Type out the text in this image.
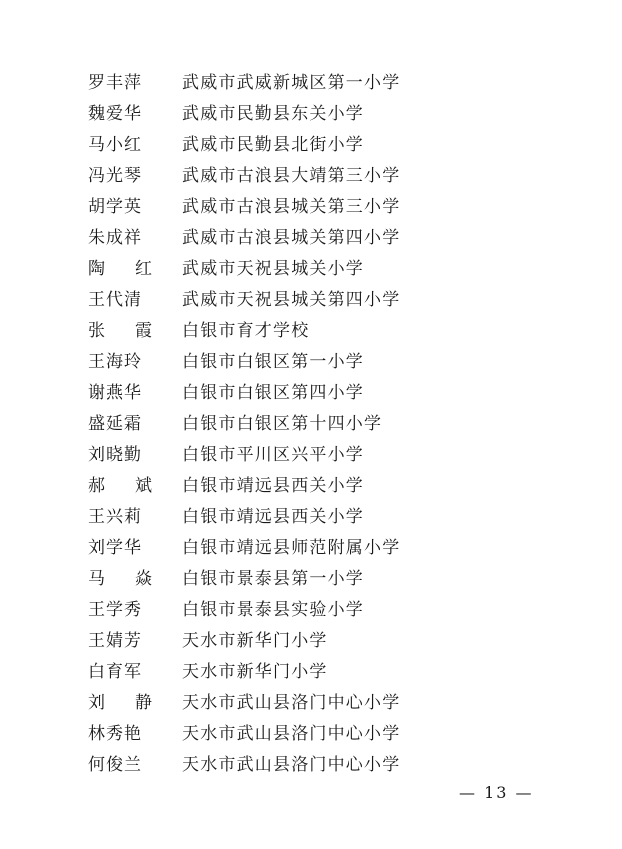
罗丰萍	武威市武威新城区第一小学
魏爱华	武威市民勤县东关小学
马小红	武威市民勤县北街小学
冯光琴	武威市古浪县大靖第三小学
胡学英	武威市古浪县城关第三小学
朱成祥	武威市古浪县城关第四小学
陶红 武威市天祝县城关小学
王代清	武威市天祝县城关第四小学
张霞 白银市育才学校
王海玲	白银市白银区第一小学
谢燕华	白银市白银区第四小学
盛延霜	白银市白银区第十四小学
刘晓勤	白银市平川区兴平小学
郝斌 白银市靖远县西关小学
王兴莉	白银市靖远县西关小学
刘学华	白银市靖远县师范附属小学
马焱 白银市景泰县第一小学
王学秀	白银市景泰县实验小学
王婧芳	天水市新华门小学
白育军	天水市新华门小学
刘静 天水市武山县洛门中心小学
林秀艳	天水市武山县洛门中心小学
何俊兰	天水市武山县洛门中心小学
— 13 —
